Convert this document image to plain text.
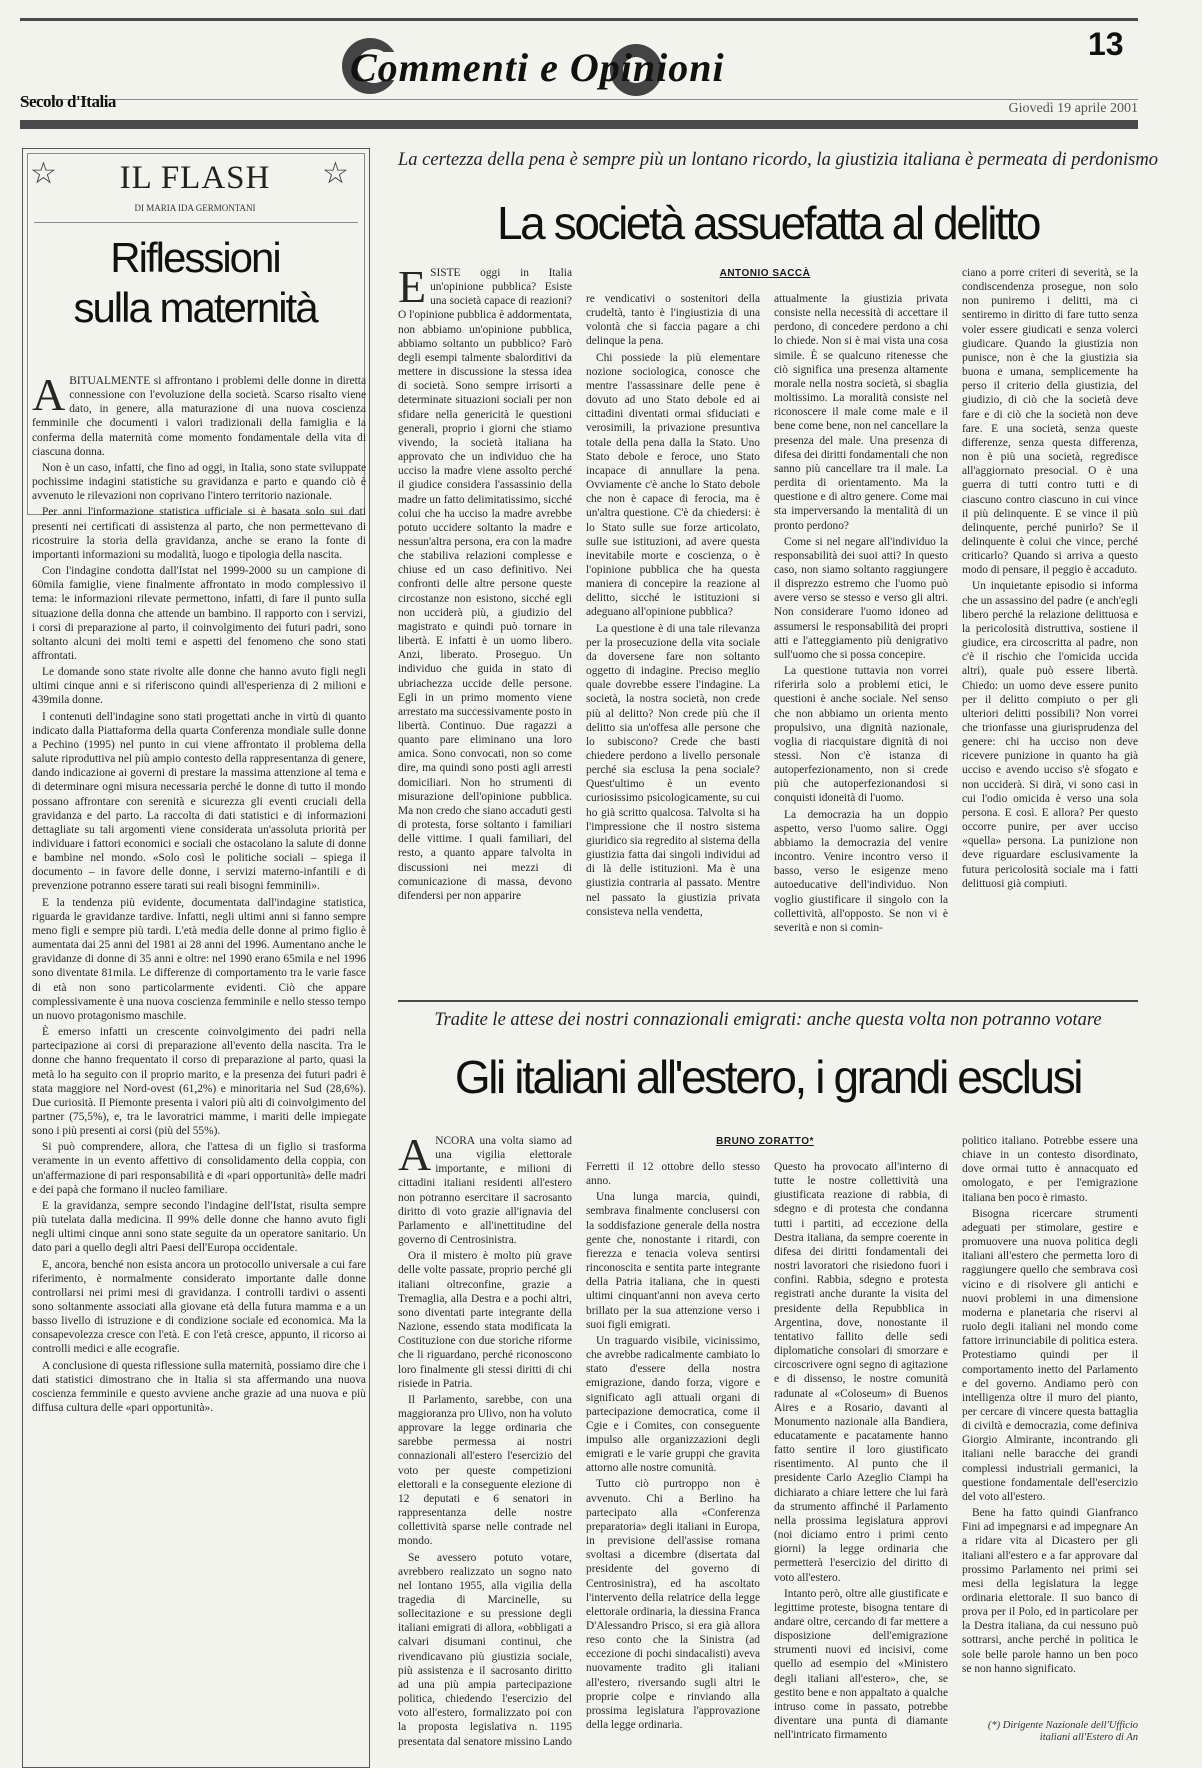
Commenti e Opinioni
13
Secolo d'Italia	Giovedì 19 aprile 2001
☆	☆
IL FLASH
DI MARIA IDA GERMONTANI
Riflessioni
sulla maternità
A BITUALMENTE si affrontano i problemi delle donne in diretta connessione con l'evoluzione della società. Scarso risalto viene dato, in genere, alla maturazione di una nuova coscienza femminile che documenti i valori tradizionali della famiglia e la conferma della maternità come momento fondamentale della vita di ciascuna donna.

Non è un caso, infatti, che fino ad oggi, in Italia, sono state sviluppate pochissime indagini statistiche su gravidanza e parto e quando ciò è avvenuto le rilevazioni non coprivano l'intero territorio nazionale.

Per anni l'informazione statistica ufficiale si è basata solo sui dati presenti nei certificati di assistenza al parto, che non permettevano di ricostruire la storia della gravidanza, anche se erano la fonte di importanti informazioni su modalità, luogo e tipologia della nascita.

Con l'indagine condotta dall'Istat nel 1999-2000 su un campione di 60mila famiglie, viene finalmente affrontato in modo complessivo il tema: le informazioni rilevate permettono, infatti, di fare il punto sulla situazione della donna che attende un bambino. Il rapporto con i servizi, i corsi di preparazione al parto, il coinvolgimento dei futuri padri, sono soltanto alcuni dei molti temi e aspetti del fenomeno che sono stati affrontati.

Le domande sono state rivolte alle donne che hanno avuto figli negli ultimi cinque anni e si riferiscono quindi all'esperienza di 2 milioni e 439mila donne.

I contenuti dell'indagine sono stati progettati anche in virtù di quanto indicato dalla Piattaforma della quarta Conferenza mondiale sulle donne a Pechino (1995) nel punto in cui viene affrontato il problema della salute riproduttiva nel più ampio contesto della rappresentanza di genere, dando indicazione ai governi di prestare la massima attenzione al tema e di determinare ogni misura necessaria perché le donne di tutto il mondo possano affrontare con serenità e sicurezza gli eventi cruciali della gravidanza e del parto. La raccolta di dati statistici e di informazioni dettagliate su tali argomenti viene considerata un'assoluta priorità per individuare i fattori economici e sociali che ostacolano la salute di donne e bambine nel mondo. «Solo così le politiche sociali – spiega il documento – in favore delle donne, i servizi materno-infantili e di prevenzione potranno essere tarati sui reali bisogni femminili».

E la tendenza più evidente, documentata dall'indagine statistica, riguarda le gravidanze tardive. Infatti, negli ultimi anni si fanno sempre meno figli e sempre più tardi. L'età media delle donne al primo figlio è aumentata dai 25 anni del 1981 ai 28 anni del 1996. Aumentano anche le gravidanze di donne di 35 anni e oltre: nel 1990 erano 65mila e nel 1996 sono diventate 81mila. Le differenze di comportamento tra le varie fasce di età non sono particolarmente evidenti. Ciò che appare complessivamente è una nuova coscienza femminile e nello stesso tempo un nuovo protagonismo maschile.

È emerso infatti un crescente coinvolgimento dei padri nella partecipazione ai corsi di preparazione all'evento della nascita. Tra le donne che hanno frequentato il corso di preparazione al parto, quasi la metà lo ha seguito con il proprio marito, e la presenza dei futuri padri è stata maggiore nel Nord-ovest (61,2%) e minoritaria nel Sud (28,6%). Due curiosità. Il Piemonte presenta i valori più alti di coinvolgimento del partner (75,5%), e, tra le lavoratrici mamme, i mariti delle impiegate sono i più presenti ai corsi (più del 55%).

Si può comprendere, allora, che l'attesa di un figlio si trasforma veramente in un evento affettivo di consolidamento della coppia, con un'affermazione di pari responsabilità e di «pari opportunità» delle madri e dei papà che formano il nucleo familiare.

E la gravidanza, sempre secondo l'indagine dell'Istat, risulta sempre più tutelata dalla medicina. Il 99% delle donne che hanno avuto figli negli ultimi cinque anni sono state seguite da un operatore sanitario. Un dato pari a quello degli altri Paesi dell'Europa occidentale.

E, ancora, benché non esista ancora un protocollo universale a cui fare riferimento, è normalmente considerato importante dalle donne controllarsi nei primi mesi di gravidanza. I controlli tardivi o assenti sono soltanmente associati alla giovane età della futura mamma e a un basso livello di istruzione e di condizione sociale ed economica. Ma la consapevolezza cresce con l'età. E con l'età cresce, appunto, il ricorso ai controlli medici e alle ecografie.

A conclusione di questa riflessione sulla maternità, possiamo dire che i dati statistici dimostrano che in Italia si sta affermando una nuova coscienza femminile e questo avviene anche grazie ad una nuova e più diffusa cultura delle «pari opportunità».

La certezza della pena è sempre più un lontano ricordo, la giustizia italiana è permeata di perdonismo
La società assuefatta al delitto
ANTONIO SACCÀ
E SISTE oggi in Italia un'opinione pubblica? Esiste una società capace di reazioni? O l'opinione pubblica è addormentata, non abbiamo un'opinione pubblica, abbiamo soltanto un pubblico? Farò degli esempi talmente sbalorditivi da mettere in discussione la stessa idea di società. Sono sempre irrisorti a determinate situazioni sociali per non sfidare nella genericità le questioni generali, proprio i giorni che stiamo vivendo, la società italiana ha approvato che un individuo che ha ucciso la madre viene assolto perché il giudice considera l'assassinio della madre un fatto delimitatissimo, sicché colui che ha ucciso la madre avrebbe potuto uccidere soltanto la madre e nessun'altra persona, era con la madre che stabiliva relazioni complesse e chiuse ed un caso definitivo. Nei confronti delle altre persone queste circostanze non esistono, sicché egli non ucciderà più, a giudizio del magistrato e quindi può tornare in libertà. E infatti è un uomo libero. Anzi, liberato. Proseguo. Un individuo che guida in stato di ubriachezza uccide delle persone. Egli in un primo momento viene arrestato ma successivamente posto in libertà. Continuo. Due ragazzi a quanto pare eliminano una loro amica. Sono convocati, non so come dire, ma quindi sono posti agli arresti domiciliari. Non ho strumenti di misurazione dell'opinione pubblica. Ma non credo che siano accaduti gesti di protesta, forse soltanto i familiari delle vittime. I quali familiari, del resto, a quanto appare talvolta in discussioni nei mezzi di comunicazione di massa, devono difendersi per non apparire

re vendicativi o sostenitori della crudeltà, tanto è l'ingiustizia di una volontà che si faccia pagare a chi delinque la pena.

Chi possiede la più elementare nozione sociologica, conosce che mentre l'assassinare delle pene è dovuto ad uno Stato debole ed ai cittadini diventati ormai sfiduciati e verosimili, la privazione presuntiva totale della pena dalla la Stato. Uno Stato debole e feroce, uno Stato incapace di annullare la pena. Ovviamente c'è anche lo Stato debole che non è capace di ferocia, ma è un'altra questione. C'è da chiedersi: è lo Stato sulle sue forze articolato, sulle sue istituzioni, ad avere questa inevitabile morte e coscienza, o è l'opinione pubblica che ha questa maniera di concepire la reazione al delitto, sicché le istituzioni si adeguano all'opinione pubblica?

La questione è di una tale rilevanza per la prosecuzione della vita sociale da doversene fare non soltanto oggetto di indagine. Preciso meglio quale dovrebbe essere l'indagine. La società, la nostra società, non crede più al delitto? Non crede più che il delitto sia un'offesa alle persone che lo subiscono? Crede che basti chiedere perdono a livello personale perché sia esclusa la pena sociale? Quest'ultimo è un evento curiosissimo psicologicamente, su cui ho già scritto qualcosa. Talvolta si ha l'impressione che il nostro sistema giuridico sia regredito al sistema della giustizia fatta dai singoli individui ad di là delle istituzioni. Ma è una giustizia contraria al passato. Mentre nel passato la giustizia privata consisteva nella vendetta,

attualmente la giustizia privata consiste nella necessità di accettare il perdono, di concedere perdono a chi lo chiede. Non si è mai vista una cosa simile. È se qualcuno ritenesse che ciò significa una presenza altamente morale nella nostra società, si sbaglia moltissimo. La moralità consiste nel riconoscere il male come male e il bene come bene, non nel cancellare la presenza del male. Una presenza di difesa dei diritti fondamentali che non sanno più cancellare tra il male. La perdita di orientamento. Ma la questione e di altro genere. Come mai sta imperversando la mentalità di un pronto perdono?

Come si nel negare all'individuo la responsabilità dei suoi atti? In questo caso, non siamo soltanto raggiungere il disprezzo estremo che l'uomo può avere verso se stesso e verso gli altri. Non considerare l'uomo idoneo ad assumersi le responsabilità dei propri atti e l'atteggiamento più denigrativo sull'uomo che si possa concepire.

La questione tuttavia non vorrei riferirla solo a problemi etici, le questioni è anche sociale. Nel senso che non abbiamo un orienta mento propulsivo, una dignità nazionale, voglia di riacquistare dignità di noi stessi. Non c'è istanza di autoperfezionamento, non si crede più che autoperfezionandosi si conquisti idoneità di l'uomo.

La democrazia ha un doppio aspetto, verso l'uomo salire. Oggi abbiamo la democrazia del venire incontro. Venire incontro verso il basso, verso le esigenze meno autoeducative dell'individuo. Non voglio giustificare il singolo con la collettività, all'opposto. Se non vi è severità e non si comin-

ciano a porre criteri di severità, se la condiscendenza prosegue, non solo non puniremo i delitti, ma ci sentiremo in diritto di fare tutto senza voler essere giudicati e senza volerci giudicare. Quando la giustizia non punisce, non è che la giustizia sia buona e umana, semplicemente ha perso il criterio della giustizia, del giudizio, di ciò che la società deve fare e di ciò che la società non deve fare. E una società, senza queste differenze, senza questa differenza, non è più una società, regredisce all'aggiornato presocial. O è una guerra di tutti contro tutti e di ciascuno contro ciascuno in cui vince il più delinquente. E se vince il più delinquente, perché punirlo? Se il delinquente è colui che vince, perché criticarlo? Quando si arriva a questo modo di pensare, il peggio è accaduto.

Un inquietante episodio si informa che un assassino del padre (e anch'egli libero perché la relazione delittuosa e la pericolosità distruttiva, sostiene il giudice, era circoscritta al padre, non c'è il rischio che l'omicida uccida altri), quale può essere libertà. Chiedo: un uomo deve essere punito per il delitto compiuto o per gli ulteriori delitti possibili? Non vorrei che trionfasse una giurisprudenza del genere: chi ha ucciso non deve ricevere punizione in quanto ha già ucciso e avendo ucciso s'è sfogato e non ucciderà. Si dirà, vi sono casi in cui l'odio omicida è verso una sola persona. E così. E allora? Per questo occorre punire, per aver ucciso «quella» persona. La punizione non deve riguardare esclusivamente la futura pericolosità sociale ma i fatti delittuosi già compiuti.

Tradite le attese dei nostri connazionali emigrati: anche questa volta non potranno votare
Gli italiani all'estero, i grandi esclusi
BRUNO ZORATTO*
A NCORA una volta siamo ad una vigilia elettorale importante, e milioni di cittadini italiani residenti all'estero non potranno esercitare il sacrosanto diritto di voto grazie all'ignavia del Parlamento e all'inettitudine del governo di Centrosinistra.

Ora il mistero è molto più grave delle volte passate, proprio perché gli italiani oltreconfine, grazie a Tremaglia, alla Destra e a pochi altri, sono diventati parte integrante della Nazione, essendo stata modificata la Costituzione con due storiche riforme che li riguardano, perché riconoscono loro finalmente gli stessi diritti di chi risiede in Patria.

Il Parlamento, sarebbe, con una maggioranza pro Ulivo, non ha voluto approvare la legge ordinaria che sarebbe permessa ai nostri connazionali all'estero l'esercizio del voto per queste competizioni elettorali e la conseguente elezione di 12 deputati e 6 senatori in rappresentanza delle nostre collettività sparse nelle contrade nel mondo.

Se avessero potuto votare, avrebbero realizzato un sogno nato nel lontano 1955, alla vigilia della tragedia di Marcinelle, su sollecitazione e su pressione degli italiani emigrati di allora, «obbligati a calvari disumani continui, che rivendicavano più giustizia sociale, più assistenza e il sacrosanto diritto ad una più ampia partecipazione politica, chiedendo l'esercizio del voto all'estero, formalizzato poi con la proposta legislativa n. 1195 presentata dal senatore missino Lando

Ferretti il 12 ottobre dello stesso anno.

Una lunga marcia, quindi, sembrava finalmente conclusersi con la soddisfazione generale della nostra gente che, nonostante i ritardi, con fierezza e tenacia voleva sentirsi rinconoscita e sentita parte integrante della Patria italiana, che in questi ultimi cinquant'anni non aveva certo brillato per la sua attenzione verso i suoi figli emigrati.

Un traguardo visibile, vicinissimo, che avrebbe radicalmente cambiato lo stato d'essere della nostra emigrazione, dando forza, vigore e significato agli attuali organi di partecipazione democratica, come il Cgie e i Comites, con conseguente impulso alle organizzazioni degli emigrati e le varie gruppi che gravita attorno alle nostre comunità.

Tutto ciò purtroppo non è avvenuto. Chi a Berlino ha partecipato alla «Conferenza preparatoria» degli italiani in Europa, in previsione dell'assise romana svoltasi a dicembre (disertata dal presidente del governo di Centrosinistra), ed ha ascoltato l'intervento della relatrice della legge elettorale ordinaria, la diessina Franca D'Alessandro Prisco, si era già allora reso conto che la Sinistra (ad eccezione di pochi sindacalisti) aveva nuovamente tradito gli italiani all'estero, riversando sugli altri le proprie colpe e rinviando alla prossima legislatura l'approvazione della legge ordinaria.

Questo ha provocato all'interno di tutte le nostre collettività una giustificata reazione di rabbia, di sdegno e di protesta che condanna tutti i partiti, ad eccezione della Destra italiana, da sempre coerente in difesa dei diritti fondamentali dei nostri lavoratori che risiedono fuori i confini. Rabbia, sdegno e protesta registrati anche durante la visita del presidente della Repubblica in Argentina, dove, nonostante il tentativo fallito delle sedi diplomatiche consolari di smorzare e circoscrivere ogni segno di agitazione e di dissenso, le nostre comunità radunate al «Coloseum» di Buenos Aires e a Rosario, davanti al Monumento nazionale alla Bandiera, educatamente e pacatamente hanno fatto sentire il loro giustificato risentimento. Al punto che il presidente Carlo Azeglio Ciampi ha dichiarato a chiare lettere che lui farà da strumento affinché il Parlamento nella prossima legislatura approvi (noi diciamo entro i primi cento giorni) la legge ordinaria che permetterà l'esercizio del diritto di voto all'estero.

Intanto però, oltre alle giustificate e legittime proteste, bisogna tentare di andare oltre, cercando di far mettere a disposizione dell'emigrazione strumenti nuovi ed incisivi, come quello ad esempio del «Ministero degli italiani all'estero», che, se gestito bene e non appaltato a qualche intruso come in passato, potrebbe diventare una punta di diamante nell'intricato firmamento

politico italiano. Potrebbe essere una chiave in un contesto disordinato, dove ormai tutto è annacquato ed omologato, e per l'emigrazione italiana ben poco è rimasto.

Bisogna ricercare strumenti adeguati per stimolare, gestire e promuovere una nuova politica degli italiani all'estero che permetta loro di raggiungere quello che sembrava così vicino e di risolvere gli antichi e nuovi problemi in una dimensione moderna e planetaria che riservi al ruolo degli italiani nel mondo come fattore irrinunciabile di politica estera. Protestiamo quindi per il comportamento inetto del Parlamento e del governo. Andiamo però con intelligenza oltre il muro del pianto, per cercare di vincere questa battaglia di civiltà e democrazia, come definiva Giorgio Almirante, incontrando gli italiani nelle baracche dei grandi complessi industriali germanici, la questione fondamentale dell'esercizio del voto all'estero.

Bene ha fatto quindi Gianfranco Fini ad impegnarsi e ad impegnare An a ridare vita al Dicastero per gli italiani all'estero e a far approvare dal prossimo Parlamento nei primi sei mesi della legislatura la legge ordinaria elettorale. Il suo banco di prova per il Polo, ed in particolare per la Destra italiana, da cui nessuno può sottrarsi, anche perché in politica le sole belle parole hanno un ben poco se non hanno significato.

(*) Dirigente Nazionale dell'Ufficio italiani all'Estero di An
